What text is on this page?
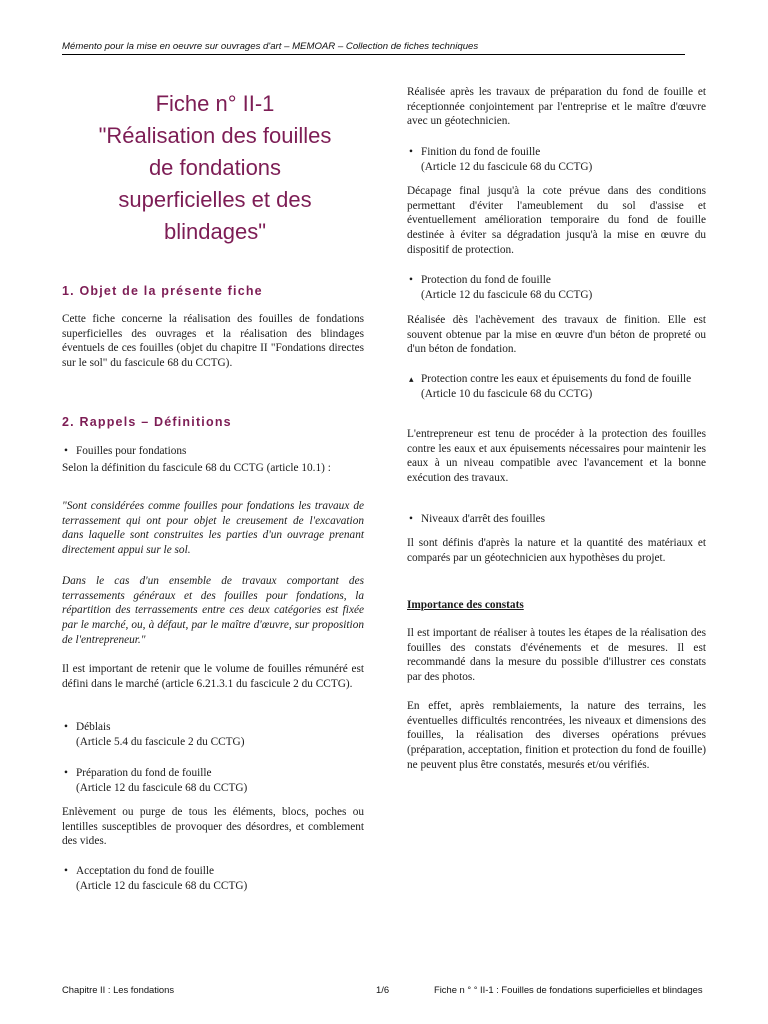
Mémento pour la mise en oeuvre sur ouvrages d'art – MEMOAR – Collection de fiches techniques
Fiche n° II-1
"Réalisation des fouilles
de fondations
superficielles et des
blindages"
1. Objet de la présente fiche

Cette fiche concerne la réalisation des fouilles de fondations superficielles des ouvrages et la réalisation des blindages éventuels de ces fouilles (objet du chapitre II "Fondations directes sur le sol" du fascicule 68 du CCTG).

2. Rappels – Définitions
• Fouilles pour fondations

Selon la définition du fascicule 68 du CCTG (article 10.1) :

"Sont considérées comme fouilles pour fondations les travaux de terrassement qui ont pour objet le creusement de l'excavation dans laquelle sont construites les parties d'un ouvrage prenant directement appui sur le sol.

Dans le cas d'un ensemble de travaux comportant des terrassements généraux et des fouilles pour fondations, la répartition des terrassements entre ces deux catégories est fixée par le marché, ou, à défaut, par le maître d'œuvre, sur proposition de l'entrepreneur."

Il est important de retenir que le volume de fouilles rémunéré est défini dans le marché (article 6.21.3.1 du fascicule 2 du CCTG).

• Déblais
(Article 5.4 du fascicule 2 du CCTG)
• Préparation du fond de fouille
(Article 12 du fascicule 68 du CCTG)

Enlèvement ou purge de tous les éléments, blocs, poches ou lentilles susceptibles de provoquer des désordres, et comblement des vides.

• Acceptation du fond de fouille
(Article 12 du fascicule 68 du CCTG)

Réalisée après les travaux de préparation du fond de fouille et réceptionnée conjointement par l'entreprise et le maître d'œuvre avec un géotechnicien.

• Finition du fond de fouille
(Article 12 du fascicule 68 du CCTG)

Décapage final jusqu'à la cote prévue dans des conditions permettant d'éviter l'ameublement du sol d'assise et éventuellement amélioration temporaire du fond de fouille destinée à éviter sa dégradation jusqu'à la mise en œuvre du dispositif de protection.

• Protection du fond de fouille
(Article 12 du fascicule 68 du CCTG)

Réalisée dès l'achèvement des travaux de finition. Elle est souvent obtenue par la mise en œuvre d'un béton de propreté ou d'un béton de fondation.

▴ Protection contre les eaux et épuisements du fond de fouille
(Article 10 du fascicule 68 du CCTG)

L'entrepreneur est tenu de procéder à la protection des fouilles contre les eaux et aux épuisements nécessaires pour maintenir les eaux à un niveau compatible avec l'avancement et la bonne exécution des travaux.

• Niveaux d'arrêt des fouilles

Il sont définis d'après la nature et la quantité des matériaux et comparés par un géotechnicien aux hypothèses du projet.

Importance des constats

Il est important de réaliser à toutes les étapes de la réalisation des fouilles des constats d'événements et de mesures. Il est recommandé dans la mesure du possible d'illustrer ces constats par des photos.

En effet, après remblaiements, la nature des terrains, les éventuelles difficultés rencontrées, les niveaux et dimensions des fouilles, la réalisation des diverses opérations prévues (préparation, acceptation, finition et protection du fond de fouille) ne peuvent plus être constatés, mesurés et/ou vérifiés.

Chapitre II : Les fondations	1/6	Fiche n ° ° II-1 : Fouilles de fondations superficielles et blindages
